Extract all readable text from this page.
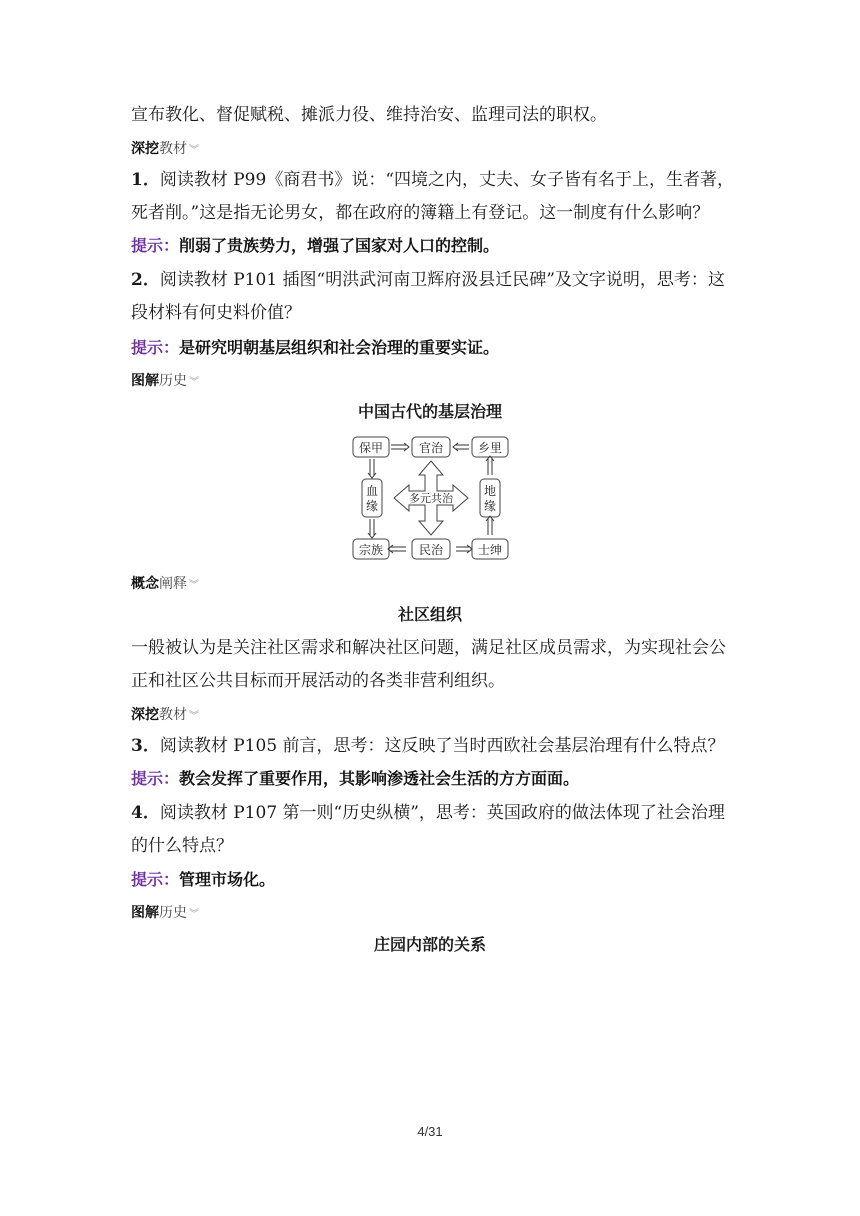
宣布教化、督促赋税、摊派力役、维持治安、监理司法的职权。
深挖教材 ︾
1．阅读教材 P99《商君书》说：“四境之内，丈夫、女子皆有名于上，生者著，
死者削。”这是指无论男女，都在政府的簿籍上有登记。这一制度有什么影响？
提示：削弱了贵族势力，增强了国家对人口的控制。
2．阅读教材 P101 插图“明洪武河南卫辉府汲县迁民碑”及文字说明，思考：这
段材料有何史料价值？
提示：是研究明朝基层组织和社会治理的重要实证。
图解历史 ︾
中国古代的基层治理
保甲	官治	乡里
宗族	民治	士绅
多元共治
血缘
地缘
概念阐释 ︾
社区组织
一般被认为是关注社区需求和解决社区问题，满足社区成员需求，为实现社会公
正和社区公共目标而开展活动的各类非营利组织。
深挖教材 ︾
3．阅读教材 P105 前言，思考：这反映了当时西欧社会基层治理有什么特点？
提示：教会发挥了重要作用，其影响渗透社会生活的方方面面。
4．阅读教材 P107 第一则“历史纵横”，思考：英国政府的做法体现了社会治理
的什么特点？
提示：管理市场化。
图解历史 ︾
庄园内部的关系
4/31
